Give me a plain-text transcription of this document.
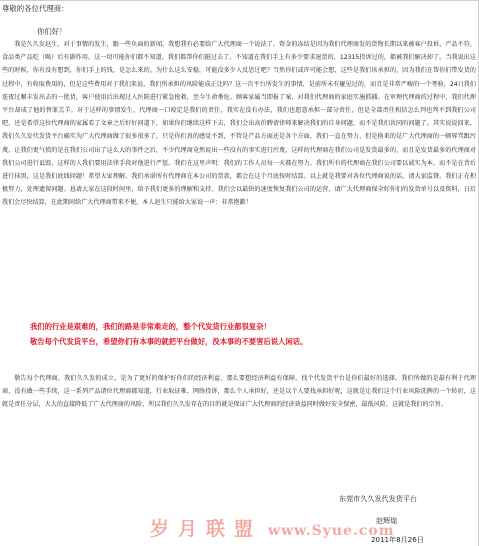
尊敬的各位代理商：
你们好！

我是久久发赵生，对于事情的发生，跟一些负面的新闻，我想我有必要给广大代理商一个说法了。资金的冻结是因为我们代理商发的货物长期以来被客户投诉，产品不符，食品类产品吃（喝）后有副作用，这一切可能你们都不知道。我们都帮你们挺过去了。不知道在我们手上有多少要求退货的，12315投诉过的，都被我们解决掉了。当我说出这些的时候，你有没有想到，你们手上的钱，是怎么来的。为什么这么安稳，可能没多少人反思过吧？当然你们或许可能会想，这些是我们该承担的，因为我们在帮你们带发货的过程中，有收取费用的，但是这些费用对于我们来说，我们所承担的风险能成正比吗？这一次平台所发生的事情，是前所未有碰见过的，而且是非常严峻的一个考验，24日我们连夜过顺丰发出去的一批货，客户使用后出现过入医院进行紧急抢救，至今生命垂危。顾客家属当即报了案，对我们代理商的家庭实施抓捕。在审理代理商的过程中，我们代理平台却成了他的替罪羔羊。对于这样的事情发生，代理商一口咬定是我们的责任，我实在没有办法，我们也愿意承担一部分责任，但是全部责任相信怎么判也判不到我们公司吧，还是希望这位代理商的家属看了文章之后好好问道下，如果你们继续这样下去，我们会出高价聘请律师来解决我们的自身问题，而不是我们共同的问题了。其实说说回来，我们久久发代发货平台确实为广大代理商做了很多很多了，只是你们真的感觉不到，不管是产品方面还是各个方面，我们一直在努力，但是换来的是广大代理商的一顿辱骂跟污蔑，让我们更气愤的是在我们公司出了这么大的事件之后，不少代理商竟然说出一些没有的事实进行污蔑，这样的代理商在我们公司是发货最多的，而且是发货最多的代理商对我们公司进行诋毁，这样的人我们要用法律手段对他进行严惩。我们在这里声明：我们的工作人员每一天都在努力，我们所有的代理商在我们公司要以诚实为本，而不是在背后进行抹黑，这是我们底线问题！希望大家理解。我们承诺所有代理商在本公司的货款，都会在这个月底按时结算。以上就是我要对各位代理商说的话，请大家监督。我们正在积极努力，处理遗留问题。恳请大家在这段时间里，给予我们更多的理解和支持。我们会以最快的速度恢复我们公司的运营，请广大代理商保全好你们的发货单号以及资料，日后我们会尽快结算，在此期间给广大代理商带来不便，本人赵生只能给大家说一声：非常抱歉！

我们的行业是艰难的，我们的路是非常难走的，整个代发货行业都很复杂！

敬告每个代发货平台，希望你们有本事的就把平台做好，没本事的不要害后说人闲话。

敬告每个代理商，我们久久发的成立，是为了更好的保护好你们的经济利益，那么要想经济利益有保障，找个代发货平台是你们最好的选择，我们所做的是最有利于代理商，没有做一些手续，这一系列产品诸位代理商都知道，行业取证难，网络投诉，那么个人承担好，还是以个人要找承担好呢，这就是让我们这个行业风险洗牌的一个转折，这就是责任分层，大大的直接降低了广大代理商的风险，所以我们久久发存在的目的就是保证广大代理商的经济效益同时做好安全保密，最低风险，这就是我们的宗旨。

岁月联盟 www.Syue.com
东莞市久久发代发货平台
赵辉煌
2011年8月26日
